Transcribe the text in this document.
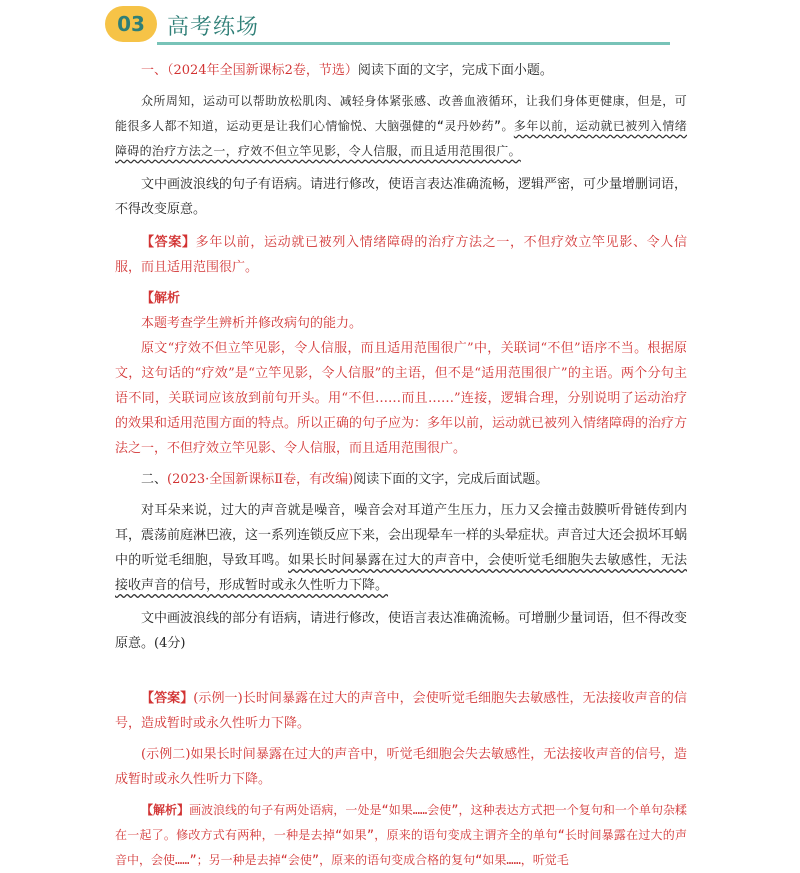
03	高考练场

一、（2024年全国新课标2卷，节选）阅读下面的文字，完成下面小题。

众所周知，运动可以帮助放松肌肉、减轻身体紧张感、改善血液循环，让我们身体更健康，但是，可能很多人都不知道，运动更是让我们心情愉悦、大脑强健的“灵丹妙药”。多年以前，运动就已被列入情绪障碍的治疗方法之一，疗效不但立竿见影，令人信服，而且适用范围很广。

文中画波浪线的句子有语病。请进行修改，使语言表达准确流畅，逻辑严密，可少量增删词语，不得改变原意。

【答案】多年以前，运动就已被列入情绪障碍的治疗方法之一，不但疗效立竿见影、令人信服，而且适用范围很广。

【解析

本题考查学生辨析并修改病句的能力。

原文“疗效不但立竿见影，令人信服，而且适用范围很广”中，关联词“不但”语序不当。根据原文，这句话的“疗效”是“立竿见影，令人信服”的主语，但不是“适用范围很广”的主语。两个分句主语不同，关联词应该放到前句开头。用“不但……而且……”连接，逻辑合理，分别说明了运动治疗的效果和适用范围方面的特点。所以正确的句子应为：多年以前，运动就已被列入情绪障碍的治疗方法之一，不但疗效立竿见影、令人信服，而且适用范围很广。

二、(2023·全国新课标Ⅱ卷，有改编)阅读下面的文字，完成后面试题。

对耳朵来说，过大的声音就是噪音，噪音会对耳道产生压力，压力又会撞击鼓膜听骨链传到内耳，震荡前庭淋巴液，这一系列连锁反应下来，会出现晕车一样的头晕症状。声音过大还会损坏耳蜗中的听觉毛细胞，导致耳鸣。如果长时间暴露在过大的声音中，会使听觉毛细胞失去敏感性，无法接收声音的信号，形成暂时或永久性听力下降。

文中画波浪线的部分有语病，请进行修改，使语言表达准确流畅。可增删少量词语，但不得改变原意。(4分)

【答案】(示例一)长时间暴露在过大的声音中，会使听觉毛细胞失去敏感性，无法接收声音的信号，造成暂时或永久性听力下降。

(示例二)如果长时间暴露在过大的声音中，听觉毛细胞会失去敏感性，无法接收声音的信号，造成暂时或永久性听力下降。

【解析】画波浪线的句子有两处语病，一处是“如果……会使”，这种表达方式把一个复句和一个单句杂糅在一起了。修改方式有两种，一种是去掉“如果”，原来的语句变成主谓齐全的单句“长时间暴露在过大的声音中，会使……”；另一种是去掉“会使”，原来的语句变成合格的复句“如果……，听觉毛
